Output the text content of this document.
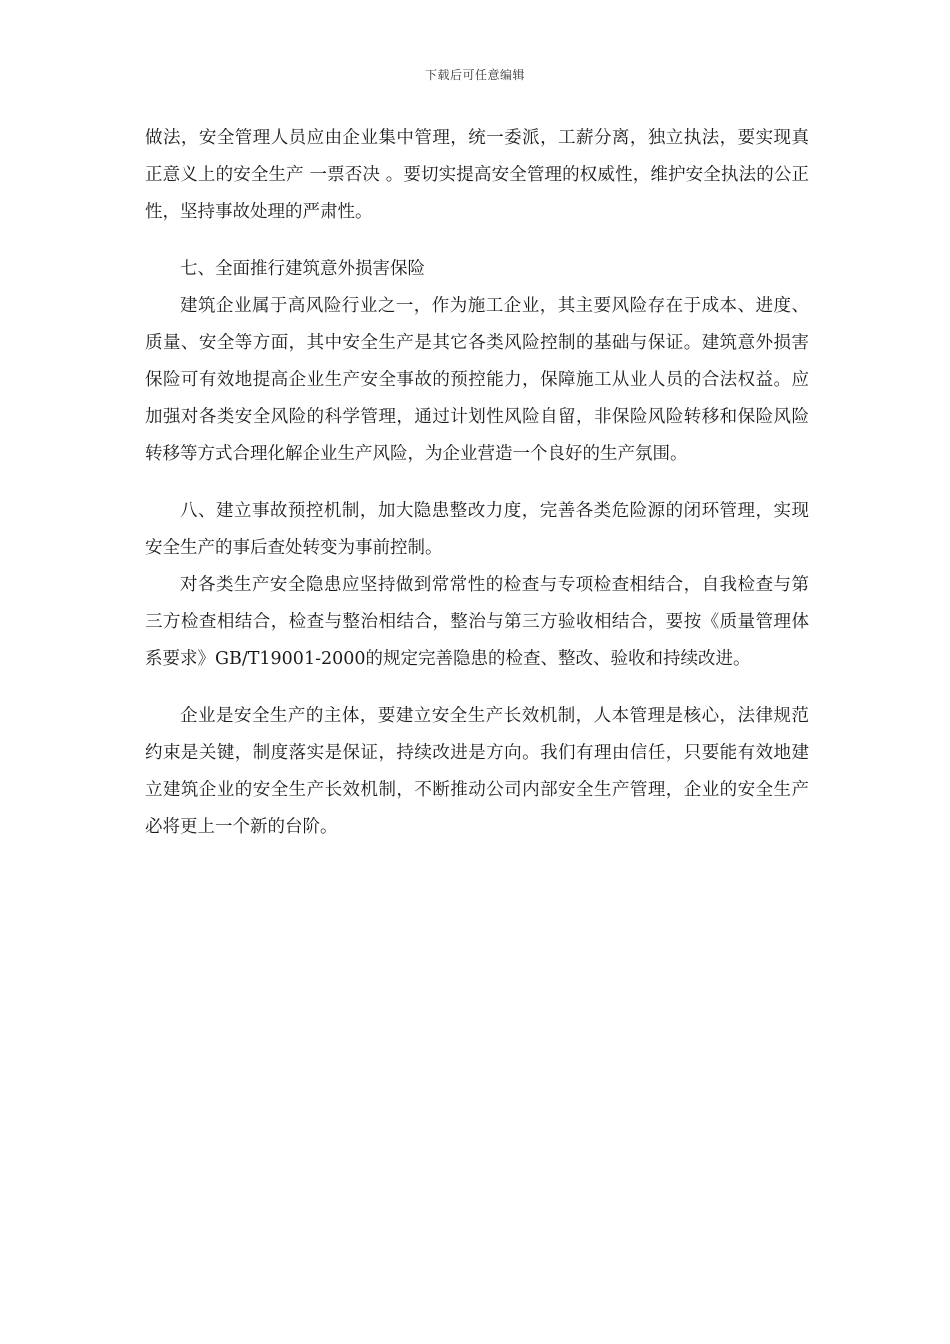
下载后可任意编辑

做法，安全管理人员应由企业集中管理，统一委派，工薪分离，独立执法，要实现真正意义上的安全生产 一票否决 。要切实提高安全管理的权威性，维护安全执法的公正性，坚持事故处理的严肃性。

七、全面推行建筑意外损害保险

建筑企业属于高风险行业之一，作为施工企业，其主要风险存在于成本、进度、质量、安全等方面，其中安全生产是其它各类风险控制的基础与保证。建筑意外损害保险可有效地提高企业生产安全事故的预控能力，保障施工从业人员的合法权益。应加强对各类安全风险的科学管理，通过计划性风险自留，非保险风险转移和保险风险转移等方式合理化解企业生产风险，为企业营造一个良好的生产氛围。

八、建立事故预控机制，加大隐患整改力度，完善各类危险源的闭环管理，实现安全生产的事后查处转变为事前控制。

对各类生产安全隐患应坚持做到常常性的检查与专项检查相结合，自我检查与第三方检查相结合，检查与整治相结合，整治与第三方验收相结合，要按《质量管理体系要求》GB/T19001-2000的规定完善隐患的检查、整改、验收和持续改进。

企业是安全生产的主体，要建立安全生产长效机制，人本管理是核心，法律规范约束是关键，制度落实是保证，持续改进是方向。我们有理由信任，只要能有效地建立建筑企业的安全生产长效机制，不断推动公司内部安全生产管理，企业的安全生产必将更上一个新的台阶。
